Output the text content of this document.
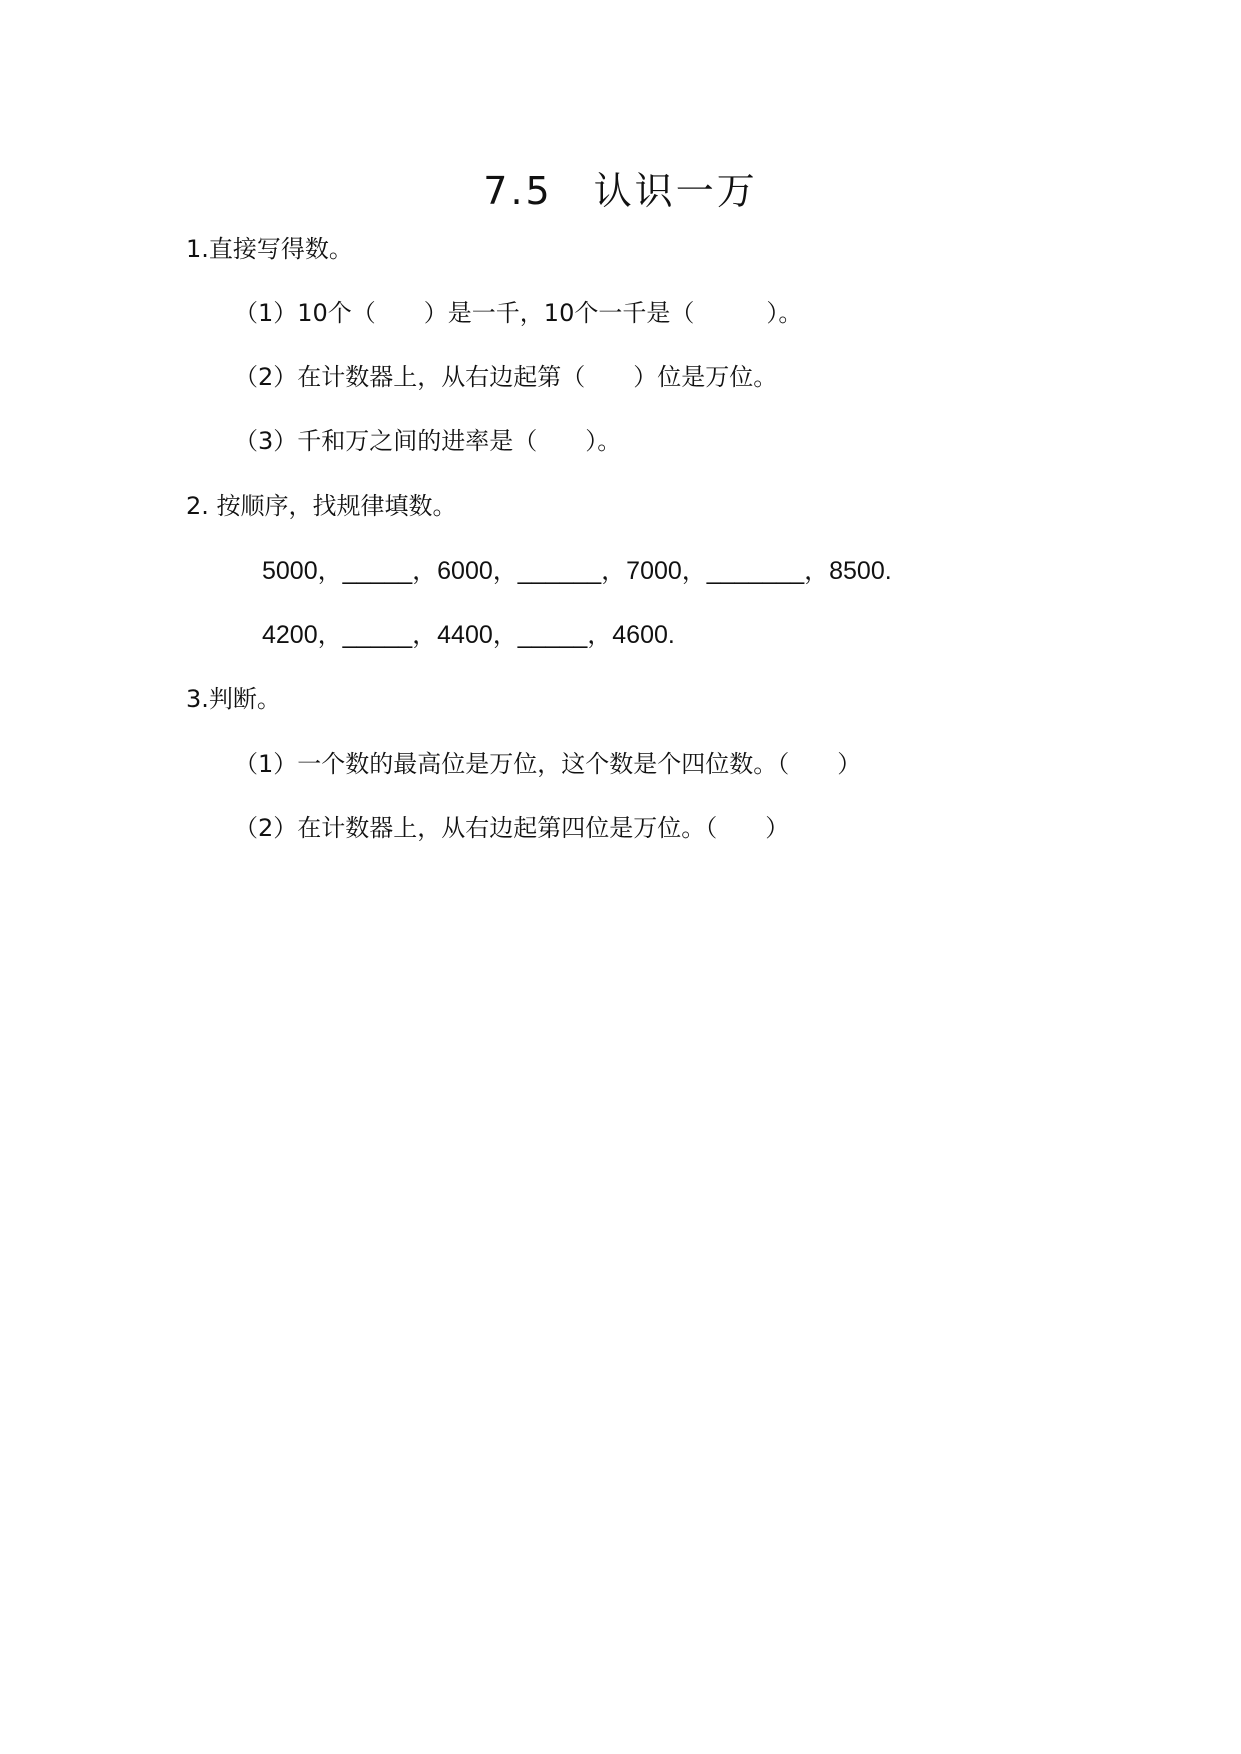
7.5　认识一万
1.直接写得数。
（1）10个（　　）是一千，10个一千是（　　　）。
（2）在计数器上，从右边起第（　　）位是万位。
（3）千和万之间的进率是（　　）。
2. 按顺序，找规律填数。
5000，_____，6000，______，7000，_______，8500.
4200，_____，4400，_____，4600.
3.判断。
（1）一个数的最高位是万位，这个数是个四位数。（　　）
（2）在计数器上，从右边起第四位是万位。（　　）
